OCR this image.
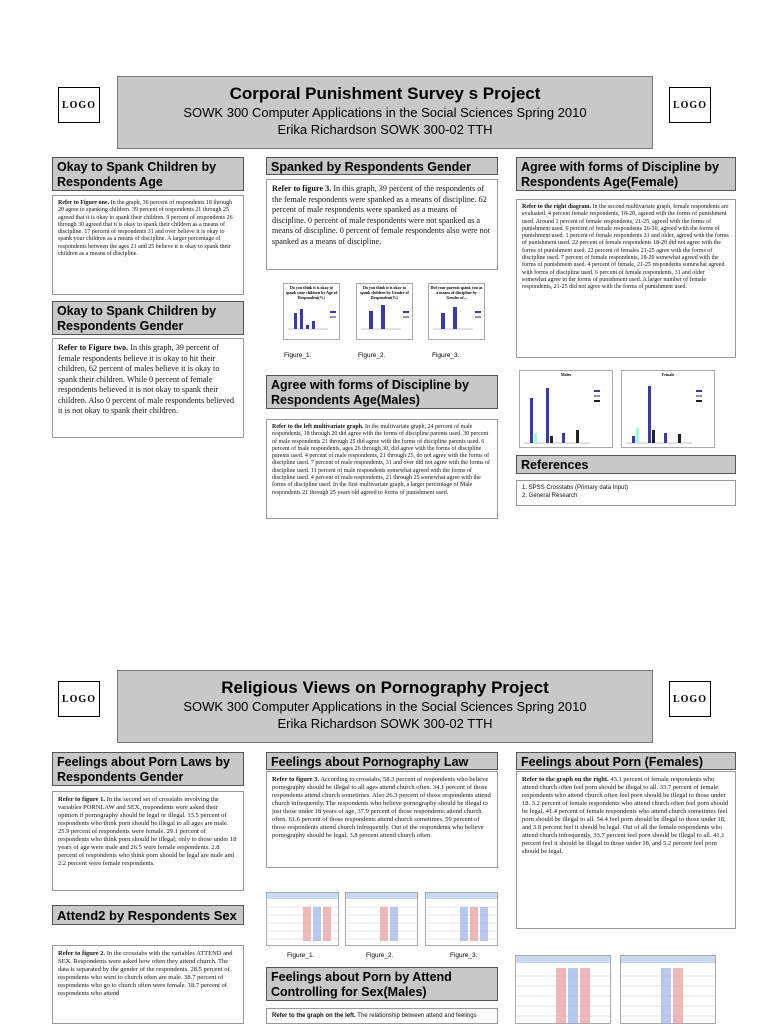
LOGO
Corporal Punishment Survey s Project
SOWK 300 Computer Applications in the Social Sciences Spring 2010
Erika Richardson SOWK 300-02 TTH
LOGO
Okay to Spank Children by Respondents Age
Refer to Figure one. In the graph, 36 percent of respondents 18 through 20 agree to spanking children. 39 percent of respondents 21 through 25 agreed that it is okay to spank their children. 9 percent of respondents 26 through 30 agreed that it is okay to spank their children as a means of discipline. 17 percent of respondents 31 and over believe it is okay to spank your children as a means of discipline. A larger percentage of respondents between the ages 21 and 25 believe it is okay to spank their children as a means of discipline.
Okay to Spank Children by Respondents Gender
Refer to Figure two. In this graph, 39 percent of female respondents believe it is okay to hit their children, 62 percent of males believe it is okay to spank their children. While 0 percent of female respondents believed it is not okay to spank their children. Also 0 percent of male respondents believed it is not okay to spank their children.
Spanked by Respondents Gender
Refer to figure 3. In this graph, 39 percent of the respondents of the female respondents were spanked as a means of discipline. 62 percent of male respondents were spanked as a means of discipline. 0 percent of male respondents were not spanked as a means of discipline. 0 percent of female respondents also were not spanked as a means of discipline.
Do you think it is okay to spank your children by Age of Respondent(%)
Do you think it is okay to spank children by Gender of Respondent(%)
Did your parents spank you as a means of discipline by Gender of...
Figure_1.	Figure_2.	Figure_3.
Agree with forms of Discipline by Respondents Age(Males)
Refer to the left multivariate graph. In the multivariate graph, 24 percent of male respondents, 18 through 20 did agree with the forms of discipline parents used. 30 percent of male respondents 21 through 25 did agree with the forms of discipline parents used. 6 percent of male respondents, ages 26 through 30, did agree with the forms of discipline parents used. 4 percent of male respondents, 21 through 25, do not agree with the forms of discipline used. 7 percent of male respondents, 31 and over did not agree with the forms of discipline used. 11 percent of male respondents somewhat agreed with the forms of discipline used. 4 percent of male respondents, 21 through 25 somewhat agree with the forms of discipline used. In the first multivariate graph, a larger percentage of Male respondents 21 through 25 years old agreed to forms of punishment used.
Agree with forms of Discipline by Respondents Age(Female)
Refer to the right diagram. In the second multivariate graph, female respondents are evaluated. 4 percent female respondents, 18-20, agreed with the forms of punishment used. Around 1 percent of female respondents, 21-25, agreed with the forms of punishment used. 6 percent of female respondents 26-30, agreed with the forms of punishment used. 1 percent of female respondents 31 and older, agreed with the forms of punishment used. 22 percent of female respondents 18-20 did not agree with the forms of punishment used. 22 percent of females 21-25 agree with the forms of discipline used. 7 percent of female respondents, 18-20 somewhat agreed with the forms of punishment used. 4 percent of female, 21-25 respondents somewhat agreed with forms of discipline used. 6 percent of female respondents, 31 and older somewhat agree to the forms of punishment used. A larger number of female respondents, 21-25 did not agree with the forms of punishment used.
Males	Female
References
1. SPSS Crosstabs (Primary data Input)
2. General Research
LOGO
Religious Views on Pornography Project
SOWK 300 Computer Applications in the Social Sciences Spring 2010
Erika Richardson SOWK 300-02 TTH
LOGO
Feelings about Porn Laws by Respondents Gender
Refer to figure 1. In the second set of crosstabs involving the variables PORNLAW and SEX, respondents were asked their opinion if pornography should be legal or illegal. 13.5 percent of respondents who think porn should be illegal to all ages are male. 25.9 percent of respondents were female. 29.1 percent of respondents who think porn should be illegal; only to those under 18 years of age were male and 26.5 were female respondents. 2.8 percent of respondents who think porn should be legal are male and 2.2 percent were female respondents.
Attend2 by Respondents Sex
Refer to figure 2. In the crosstabs with the variables ATTEND and SEX. Respondents were asked how often they attend church. The data is separated by the gender of the respondents. 28.5 percent of respondents who went to church often are male. 38.7 percent of respondents who go to church often were female. 18.7 percent of respondents who attend
Feelings about Pornography Law
Refer to figure 3. According to crosstabs, 58.3 percent of respondents who believe pornography should be illegal to all ages attend church often. 34.1 percent of those respondents attend church sometimes. Also 26.3 percent of those respondents attend church infrequently. The respondents who believe pornography should be illegal to just those under 18 years of age, 37.9 percent of those respondents attend church often. 61.6 percent of those respondents attend church sometimes. 59 percent of those respondents attend church infrequently. Out of the respondents who believe pornography should be legal, 3.8 percent attend church often.
Figure_1.	Figure_2.	Figure_3.
Feelings about Porn by Attend Controlling for Sex(Males)
Refer to the graph on the left. The relationship between attend and feelings
Feelings about Porn (Females)
Refer to the graph on the right. 43.1 percent of female respondents who attend church often feel porn should be illegal to all. 33.7 percent of female respondents who attend church often feel porn should be illegal to those under 18. 3.2 percent of female respondents who attend church often feel porn should be legal. 41.4 percent of female respondents who attend church sometimes feel porn should be illegal to all. 54.4 feel porn should be illegal to those under 18, and 3.8 percent feel it should be legal. Out of all the female respondents who attend church infrequently, 33.7 percent feel porn should be illegal to all. 41.1 percent feel it should be illegal to those under 18, and 5.2 percent feel porn should be legal.
